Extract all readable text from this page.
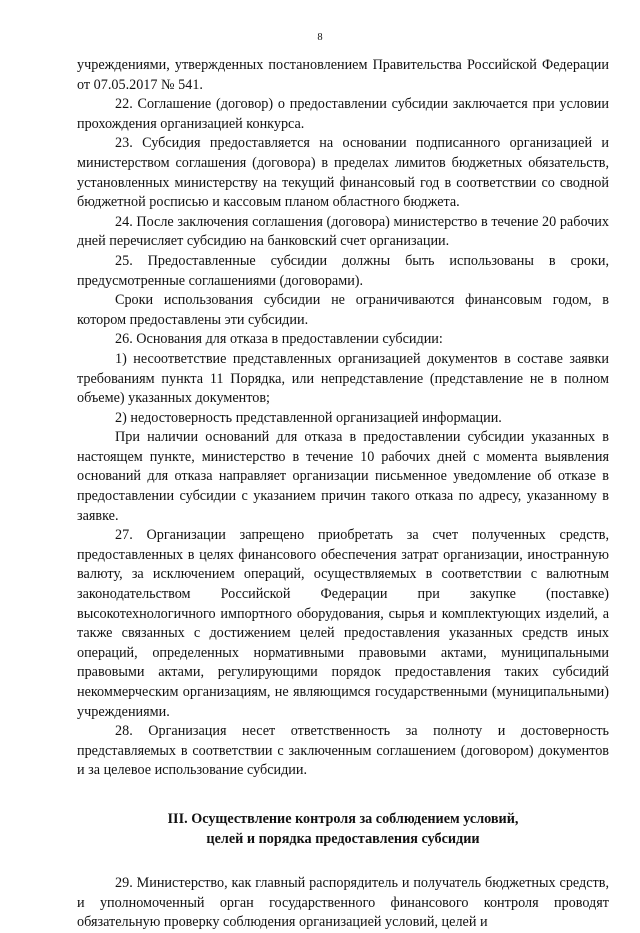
8

учреждениями, утвержденных постановлением Правительства Российской Федерации от 07.05.2017 № 541.

22. Соглашение (договор) о предоставлении субсидии заключается при условии прохождения организацией конкурса.

23. Субсидия предоставляется на основании подписанного организацией и министерством соглашения (договора) в пределах лимитов бюджетных обязательств, установленных министерству на текущий финансовый год в соответствии со сводной бюджетной росписью и кассовым планом областного бюджета.

24. После заключения соглашения (договора) министерство в течение 20 рабочих дней перечисляет субсидию на банковский счет организации.

25. Предоставленные субсидии должны быть использованы в сроки, предусмотренные соглашениями (договорами).

Сроки использования субсидии не ограничиваются финансовым годом, в котором предоставлены эти субсидии.

26. Основания для отказа в предоставлении субсидии:

1) несоответствие представленных организацией документов в составе заявки требованиям пункта 11 Порядка, или непредставление (представление не в полном объеме) указанных документов;

2) недостоверность представленной организацией информации.

При наличии оснований для отказа в предоставлении субсидии указанных в настоящем пункте, министерство в течение 10 рабочих дней с момента выявления оснований для отказа направляет организации письменное уведомление об отказе в предоставлении субсидии с указанием причин такого отказа по адресу, указанному в заявке.

27. Организации запрещено приобретать за счет полученных средств, предоставленных в целях финансового обеспечения затрат организации, иностранную валюту, за исключением операций, осуществляемых в соответствии с валютным законодательством Российской Федерации при закупке (поставке) высокотехнологичного импортного оборудования, сырья и комплектующих изделий, а также связанных с достижением целей предоставления указанных средств иных операций, определенных нормативными правовыми актами, муниципальными правовыми актами, регулирующими порядок предоставления таких субсидий некоммерческим организациям, не являющимся государственными (муниципальными) учреждениями.

28. Организация несет ответственность за полноту и достоверность представляемых в соответствии с заключенным соглашением (договором) документов и за целевое использование субсидии.

III. Осуществление контроля за соблюдением условий,
целей и порядка предоставления субсидии

29. Министерство, как главный распорядитель и получатель бюджетных средств, и уполномоченный орган государственного финансового контроля проводят обязательную проверку соблюдения организацией условий, целей и
